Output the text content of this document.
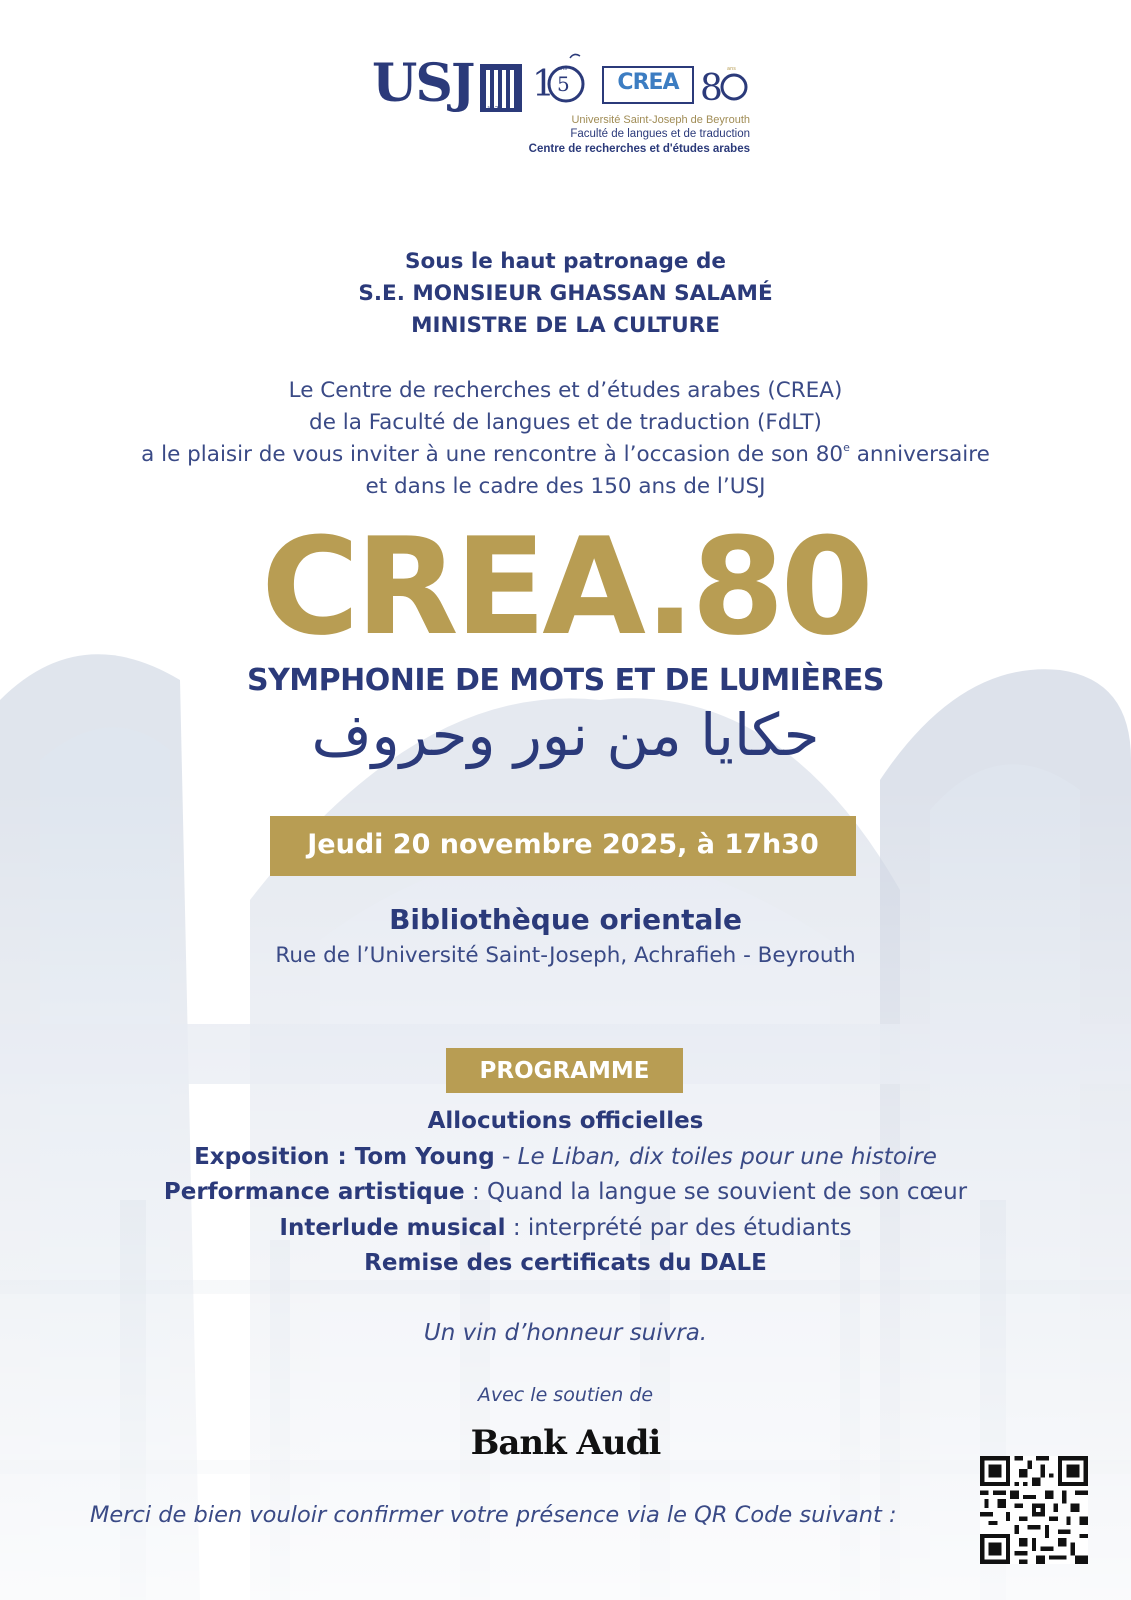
USJ 1875
1 5
ans
CREA 8 ans
Université Saint-Joseph de Beyrouth
Faculté de langues et de traduction
Centre de recherches et d'études arabes
Sous le haut patronage de
S.E. MONSIEUR GHASSAN SALAMÉ
MINISTRE DE LA CULTURE
Le Centre de recherches et d’études arabes (CREA)
de la Faculté de langues et de traduction (FdLT)
a le plaisir de vous inviter à une rencontre à l’occasion de son 80e anniversaire
et dans le cadre des 150 ans de l’USJ
CREA.80
SYMPHONIE DE MOTS ET DE LUMIÈRES
حكايا من نور وحروف
Jeudi 20 novembre 2025, à 17h30
Bibliothèque orientale
Rue de l’Université Saint-Joseph, Achrafieh - Beyrouth
PROGRAMME
Allocutions officielles
Exposition : Tom Young - Le Liban, dix toiles pour une histoire
Performance artistique : Quand la langue se souvient de son cœur
Interlude musical : interprété par des étudiants
Remise des certificats du DALE
Un vin d’honneur suivra.
Avec le soutien de
Bank Audi
Merci de bien vouloir confirmer votre présence via le QR Code suivant :
